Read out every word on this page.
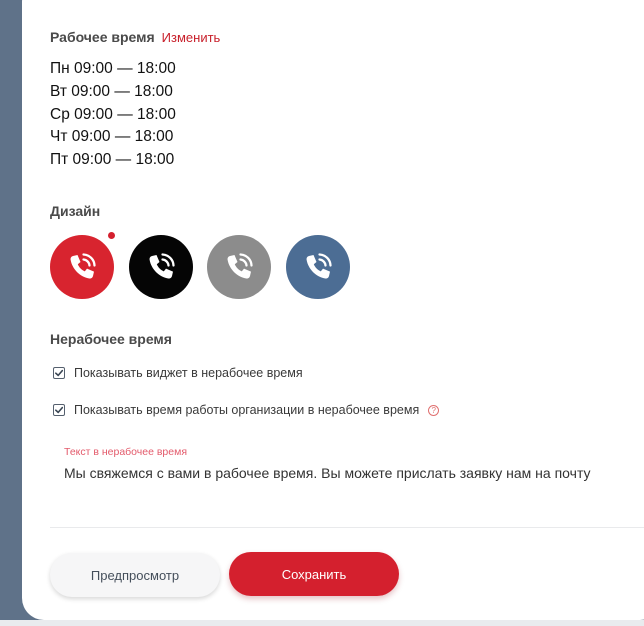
Рабочее время Изменить
Пн 09:00 — 18:00
Вт 09:00 — 18:00
Ср 09:00 — 18:00
Чт 09:00 — 18:00
Пт 09:00 — 18:00
Дизайн
Нерабочее время
Показывать виджет в нерабочее время
Показывать время работы организации в нерабочее время	?
Текст в нерабочее время
Мы свяжемся с вами в рабочее время. Вы можете прислать заявку нам на почту
Предпросмотр	Сохранить
